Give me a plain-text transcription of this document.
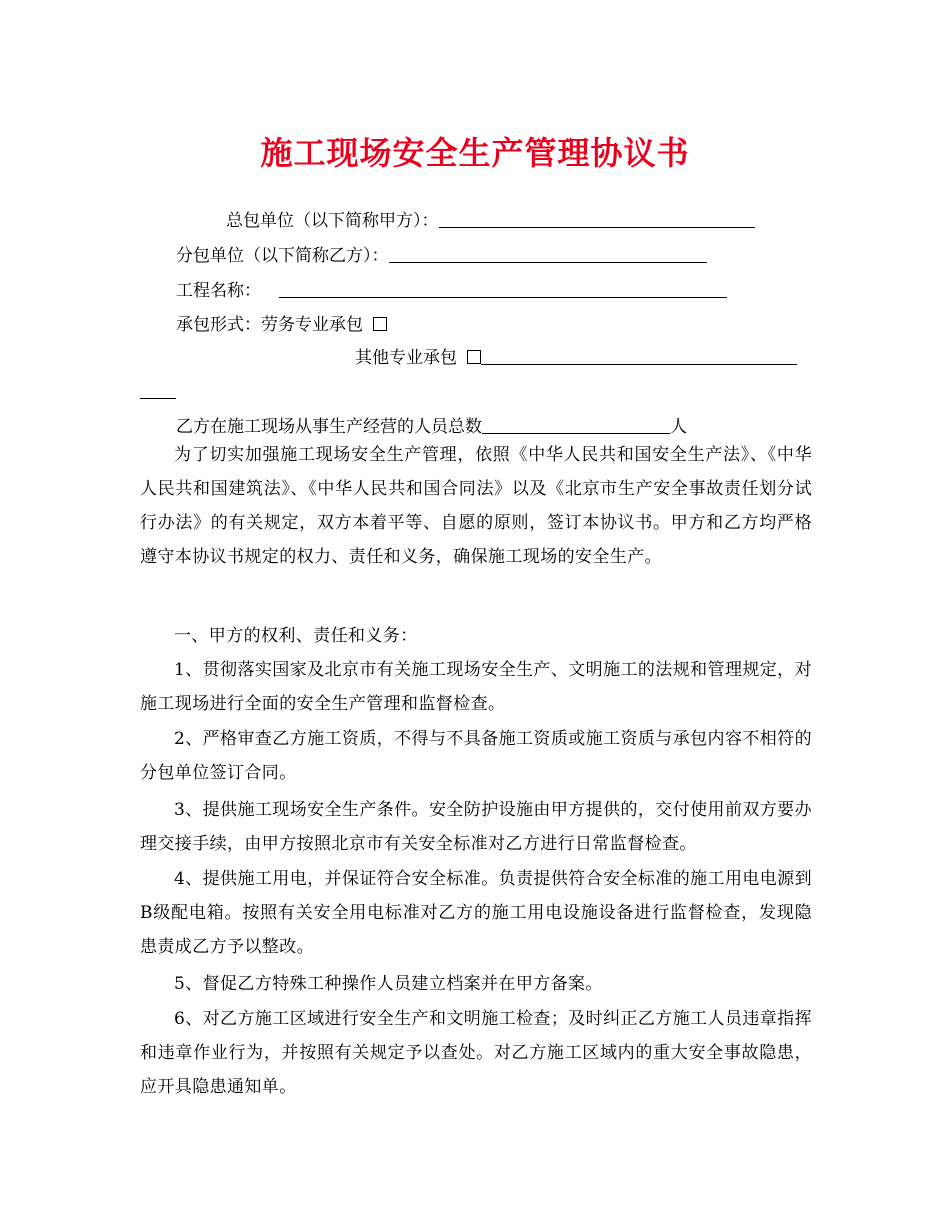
施工现场安全生产管理协议书
总包单位（以下简称甲方）：
分包单位（以下简称乙方）：
工程名称：
承包形式：劳务专业承包
其他专业承包
乙方在施工现场从事生产经营的人员总数	人
为了切实加强施工现场安全生产管理，依照《中华人民共和国安全生产法》、《中华人民共和国建筑法》、《中华人民共和国合同法》以及《北京市生产安全事故责任划分试行办法》的有关规定，双方本着平等、自愿的原则，签订本协议书。甲方和乙方均严格遵守本协议书规定的权力、责任和义务，确保施工现场的安全生产。
一、甲方的权利、责任和义务：
1、贯彻落实国家及北京市有关施工现场安全生产、文明施工的法规和管理规定，对施工现场进行全面的安全生产管理和监督检查。
2、严格审查乙方施工资质，不得与不具备施工资质或施工资质与承包内容不相符的分包单位签订合同。
3、提供施工现场安全生产条件。安全防护设施由甲方提供的，交付使用前双方要办理交接手续，由甲方按照北京市有关安全标准对乙方进行日常监督检查。
4、提供施工用电，并保证符合安全标准。负责提供符合安全标准的施工用电电源到B级配电箱。按照有关安全用电标准对乙方的施工用电设施设备进行监督检查，发现隐患责成乙方予以整改。
5、督促乙方特殊工种操作人员建立档案并在甲方备案。
6、对乙方施工区域进行安全生产和文明施工检查；及时纠正乙方施工人员违章指挥和违章作业行为，并按照有关规定予以查处。对乙方施工区域内的重大安全事故隐患，应开具隐患通知单。
